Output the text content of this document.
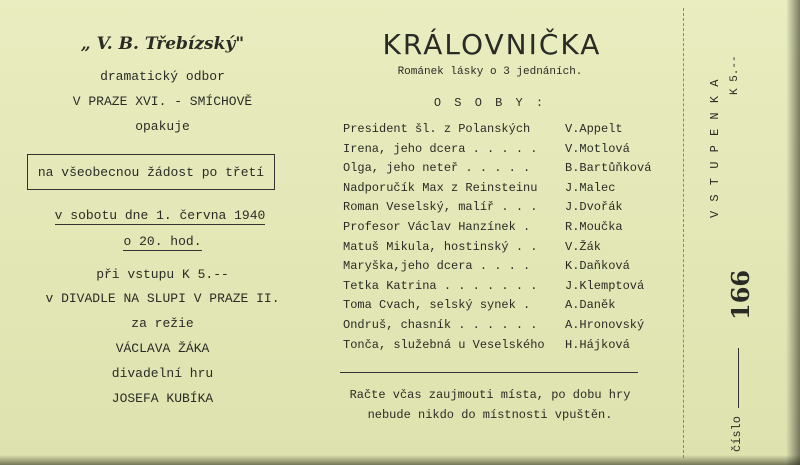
„ V. B. Třebízský"
dramatický odbor
V PRAZE XVI. - SMÍCHOVĚ
opakuje
na všeobecnou žádost po třetí
v sobotu dne 1. června 1940
o 20. hod.
při vstupu K 5.--
v DIVADLE NA SLUPI V PRAZE II.
za režie
VÁCLAVA ŽÁKA
divadelní hru
JOSEFA KUBÍKA
KRÁLOVNIČKA
Románek lásky o 3 jednáních.
O S O B Y :
President šl. z Polanských	V.Appelt
Irena, jeho dcera . . . . . V.Motlová
Olga, jeho neteř . . . . .	B.Bartůňková
Nadporučík Max z Reinsteinu J.Malec
Roman Veselský, malíř . . . J.Dvořák
Profesor Václav Hanzínek .	R.Moučka
Matuš Mikula, hostinský . . V.Žák
Maryška,jeho dcera . . . .	K.Daňková
Tetka Katrina . . . . . . . J.Klemptová
Toma Cvach, selský synek .	A.Daněk
Ondruš, chasník . . . . . . A.Hronovský
Tonča, služebná u Veselského H.Hájková
Račte včas zaujmouti místa, po dobu hry
nebude nikdo do místnosti vpuštěn.
V S T U P E N K A
K 5.--
číslo
166
